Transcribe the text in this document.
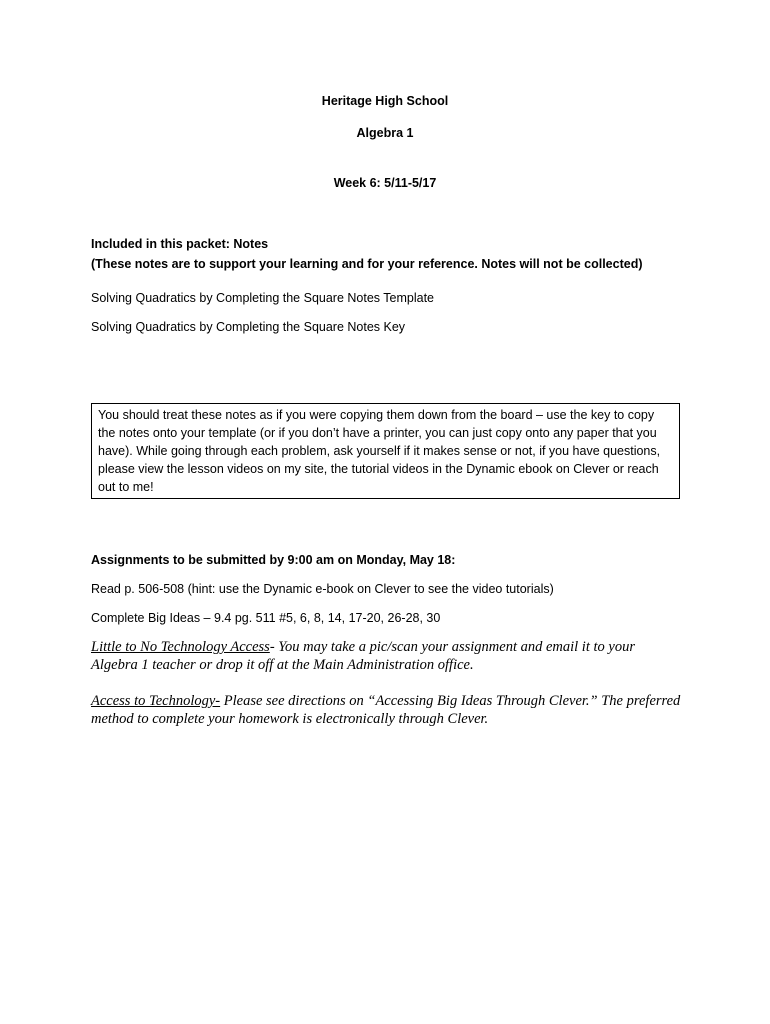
Heritage High School
Algebra 1
Week 6: 5/11-5/17
Included in this packet: Notes
(These notes are to support your learning and for your reference. Notes will not be collected)
Solving Quadratics by Completing the Square Notes Template
Solving Quadratics by Completing the Square Notes Key
You should treat these notes as if you were copying them down from the board – use the key to copy the notes onto your template (or if you don’t have a printer, you can just copy onto any paper that you have). While going through each problem, ask yourself if it makes sense or not, if you have questions, please view the lesson videos on my site, the tutorial videos in the Dynamic ebook on Clever or reach out to me!
Assignments to be submitted by 9:00 am on Monday, May 18:
Read p. 506-508 (hint: use the Dynamic e-book on Clever to see the video tutorials)
Complete Big Ideas – 9.4 pg. 511 #5, 6, 8, 14, 17-20, 26-28, 30
Little to No Technology Access- You may take a pic/scan your assignment and email it to your Algebra 1 teacher or drop it off at the Main Administration office.
Access to Technology- Please see directions on “Accessing Big Ideas Through Clever.” The preferred method to complete your homework is electronically through Clever.
